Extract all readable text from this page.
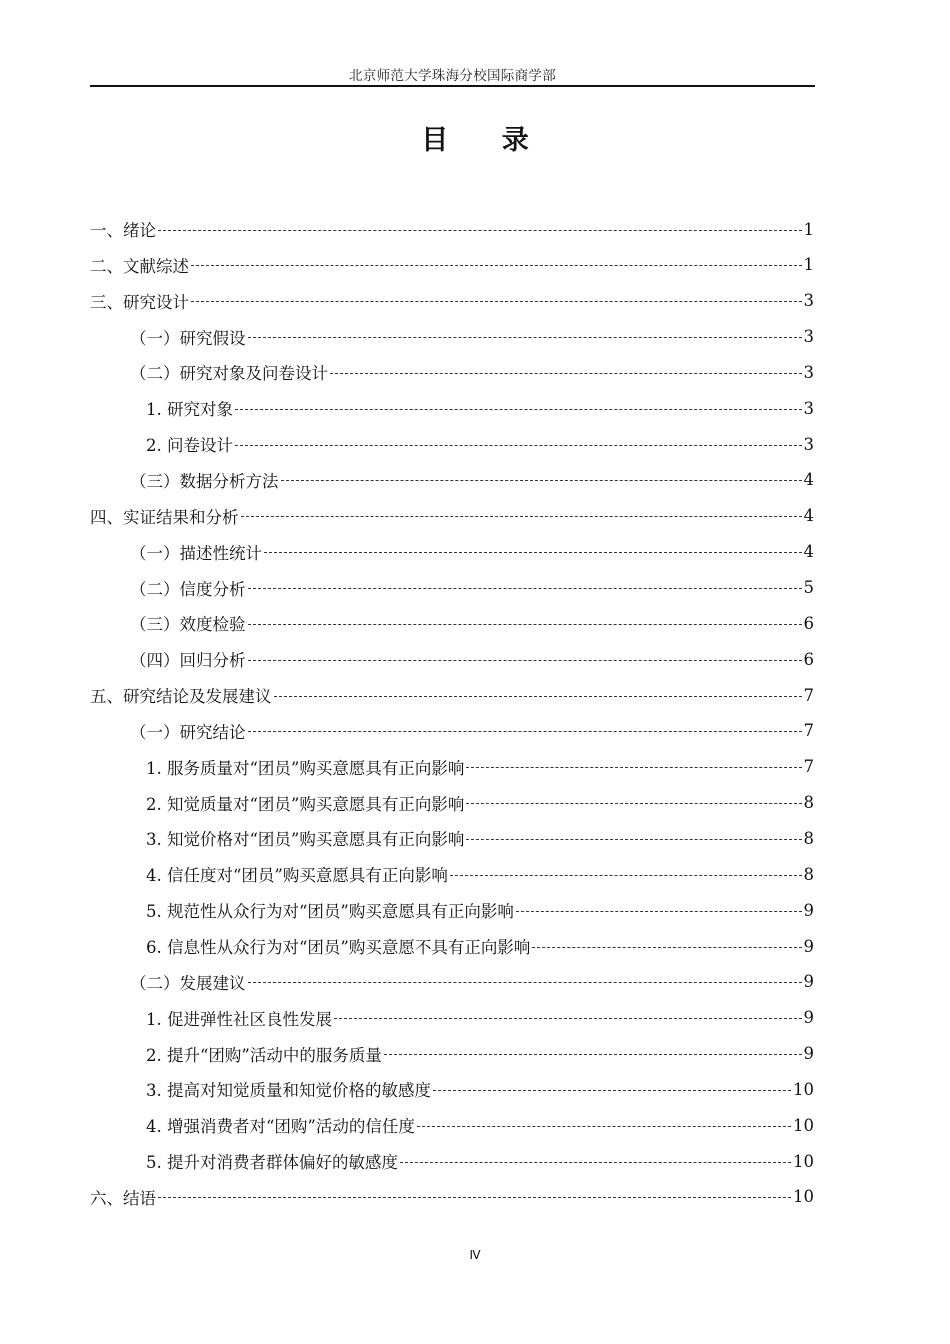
北京师范大学珠海分校国际商学部
目 录
一、绪论	1
二、文献综述	1
三、研究设计	3
（一）研究假设	3
（二）研究对象及问卷设计	3
1. 研究对象	3
2. 问卷设计	3
（三）数据分析方法	4
四、实证结果和分析	4
（一）描述性统计	4
（二）信度分析	5
（三）效度检验	6
（四）回归分析	6
五、研究结论及发展建议	7
（一）研究结论	7
1. 服务质量对“团员”购买意愿具有正向影响	7
2. 知觉质量对“团员”购买意愿具有正向影响	8
3. 知觉价格对“团员”购买意愿具有正向影响	8
4. 信任度对“团员”购买意愿具有正向影响	8
5. 规范性从众行为对“团员”购买意愿具有正向影响	9
6. 信息性从众行为对“团员”购买意愿不具有正向影响	9
（二）发展建议	9
1. 促进弹性社区良性发展	9
2. 提升“团购”活动中的服务质量	9
3. 提高对知觉质量和知觉价格的敏感度	10
4. 增强消费者对“团购”活动的信任度	10
5. 提升对消费者群体偏好的敏感度	10
六、结语	10
Ⅳ
